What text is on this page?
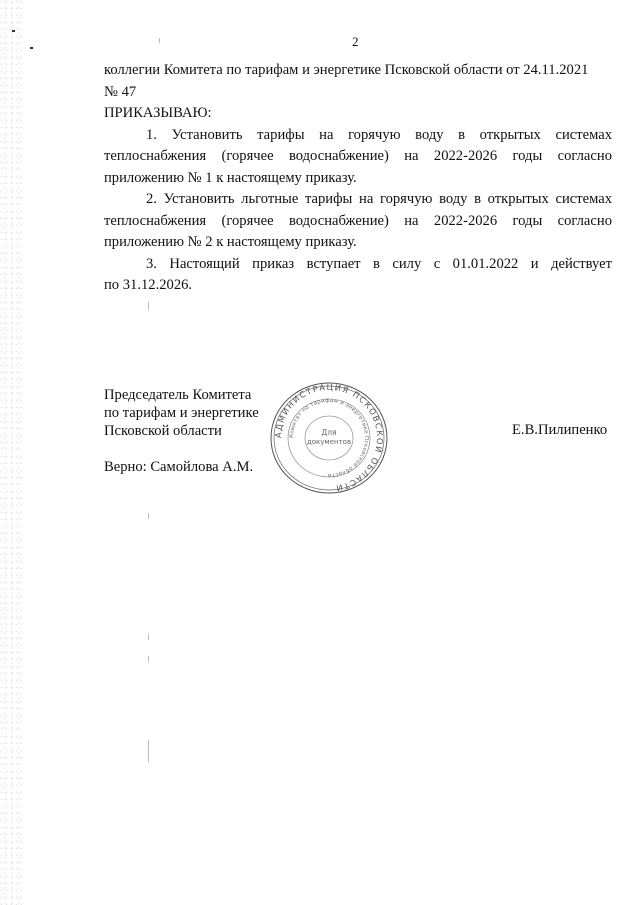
2

коллегии Комитета по тарифам и энергетике Псковской области от 24.11.2021

№ 47

ПРИКАЗЫВАЮ:

1. Установить тарифы на горячую воду в открытых системах теплоснабжения (горячее водоснабжение) на 2022-2026 годы согласно

приложению № 1 к настоящему приказу.

2. Установить льготные тарифы на горячую воду в открытых системах теплоснабжения (горячее водоснабжение) на 2022-2026 годы согласно

приложению № 2 к настоящему приказу.

3. Настоящий приказ вступает в силу с 01.01.2022 и действует

по 31.12.2026.

Председатель Комитета
по тарифам и энергетике
Псковской области	Е.В.Пилипенко
Верно: Самойлова А.М.
АДМИНИСТРАЦИЯ ПСКОВСКОЙ ОБЛАСТИ
Комитет по тарифам и энергетике Псковской области
Для
документов
